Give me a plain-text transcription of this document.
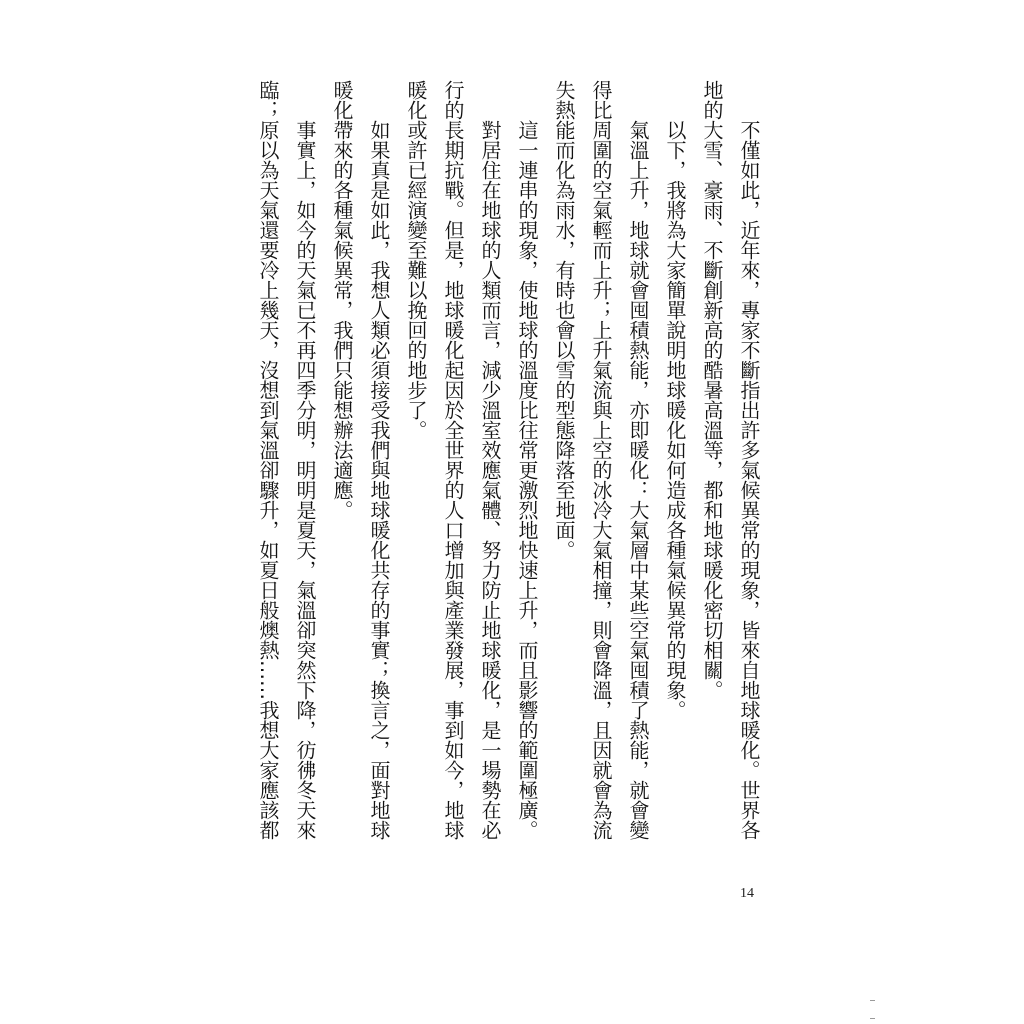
不僅如此，近年來，專家不斷指出許多氣候異常的現象，皆來自地球暖化。世界各
地的大雪、豪雨、不斷創新高的酷暑高溫等，都和地球暖化密切相關。
以下，我將為大家簡單說明地球暖化如何造成各種氣候異常的現象。
氣溫上升，地球就會囤積熱能，亦即暖化：大氣層中某些空氣囤積了熱能，就會變
得比周圍的空氣輕而上升；上升氣流與上空的冰冷大氣相撞，則會降溫，且因就會為流
失熱能而化為雨水，有時也會以雪的型態降落至地面。
這一連串的現象，使地球的溫度比往常更激烈地快速上升，而且影響的範圍極廣。
對居住在地球的人類而言，減少溫室效應氣體、努力防止地球暖化，是一場勢在必
行的長期抗戰。但是，地球暖化起因於全世界的人口增加與產業發展，事到如今，地球
暖化或許已經演變至難以挽回的地步了。
如果真是如此，我想人類必須接受我們與地球暖化共存的事實；換言之，面對地球
暖化帶來的各種氣候異常，我們只能想辦法適應。
事實上，如今的天氣已不再四季分明，明明是夏天，氣溫卻突然下降，彷彿冬天來
臨；原以為天氣還要冷上幾天，沒想到氣溫卻驟升，如夏日般燠熱……我想大家應該都
14
